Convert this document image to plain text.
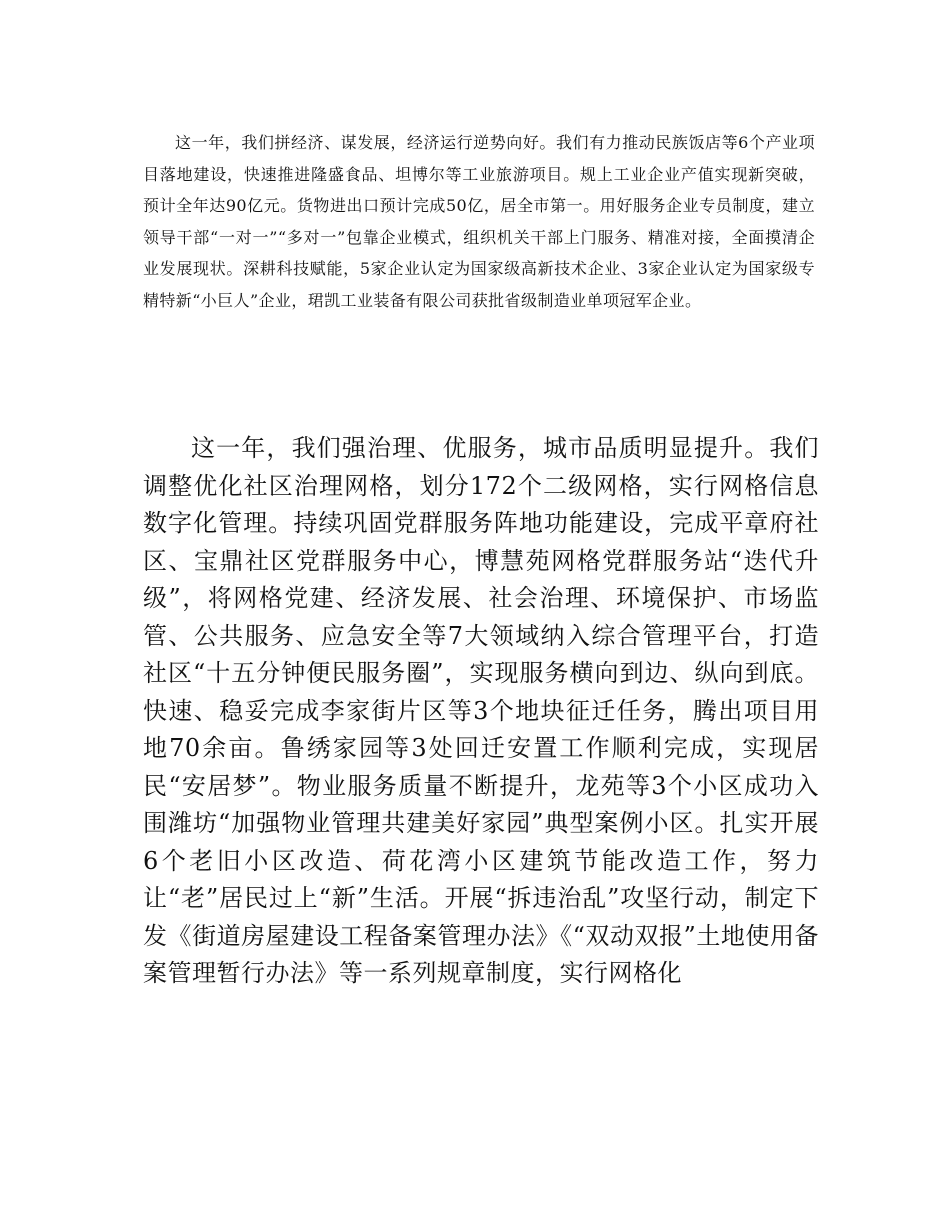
这一年，我们拼经济、谋发展，经济运行逆势向好。我们有力推动民族饭店等6个产业项目落地建设，快速推进隆盛食品、坦博尔等工业旅游项目。规上工业企业产值实现新突破，预计全年达90亿元。货物进出口预计完成50亿，居全市第一。用好服务企业专员制度，建立领导干部“一对一”“多对一”包靠企业模式，组织机关干部上门服务、精准对接，全面摸清企业发展现状。深耕科技赋能，5家企业认定为国家级高新技术企业、3家企业认定为国家级专精特新“小巨人”企业，珺凯工业装备有限公司获批省级制造业单项冠军企业。

这一年，我们强治理、优服务，城市品质明显提升。我们调整优化社区治理网格，划分172个二级网格，实行网格信息数字化管理。持续巩固党群服务阵地功能建设，完成平章府社区、宝鼎社区党群服务中心，博慧苑网格党群服务站“迭代升级”，将网格党建、经济发展、社会治理、环境保护、市场监管、公共服务、应急安全等7大领域纳入综合管理平台，打造社区“十五分钟便民服务圈”，实现服务横向到边、纵向到底。快速、稳妥完成李家街片区等3个地块征迁任务，腾出项目用地70余亩。鲁绣家园等3处回迁安置工作顺利完成，实现居民“安居梦”。物业服务质量不断提升，龙苑等3个小区成功入围潍坊“加强物业管理共建美好家园”典型案例小区。扎实开展6个老旧小区改造、荷花湾小区建筑节能改造工作，努力让“老”居民过上“新”生活。开展“拆违治乱”攻坚行动，制定下发《街道房屋建设工程备案管理办法》《“双动双报”土地使用备案管理暂行办法》等一系列规章制度，实行网格化
